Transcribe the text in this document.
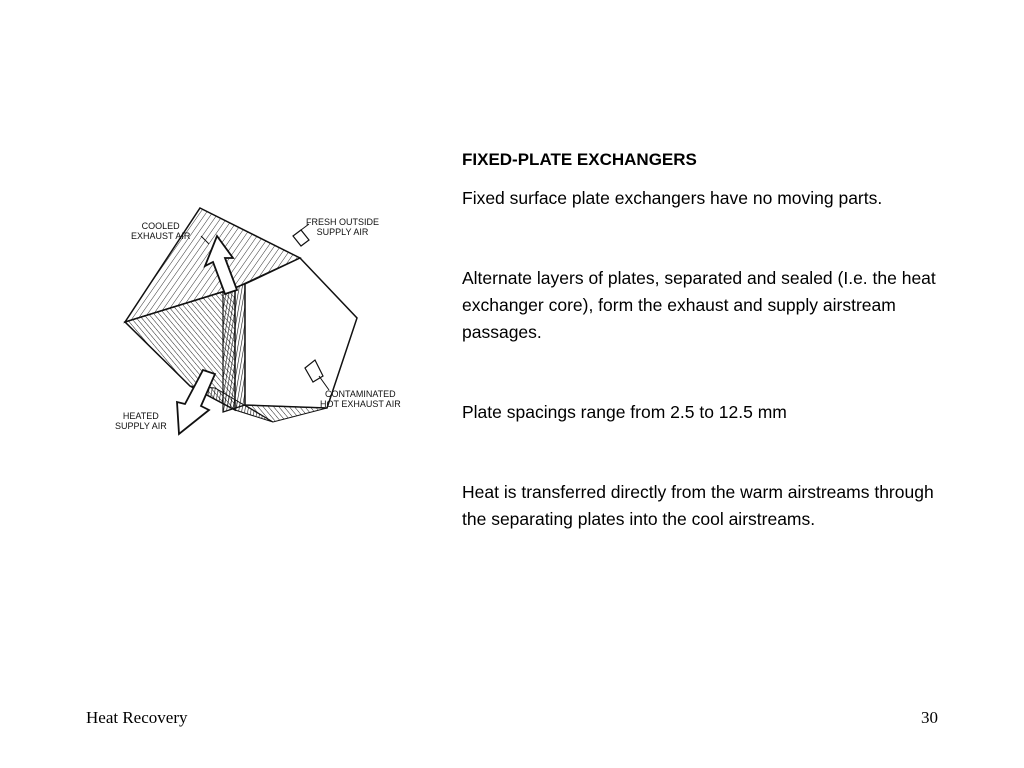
COOLED
EXHAUST AIR
FRESH OUTSIDE
SUPPLY AIR
CONTAMINATED
HOT EXHAUST AIR
HEATED
SUPPLY AIR

FIXED-PLATE EXCHANGERS

Fixed surface plate exchangers have no moving parts.

Alternate layers of plates, separated and sealed (I.e. the heat exchanger core), form the exhaust and supply airstream passages.

Plate spacings range from 2.5 to 12.5 mm

Heat is transferred directly from the warm airstreams through the separating plates into the cool airstreams.

Heat Recovery	30
